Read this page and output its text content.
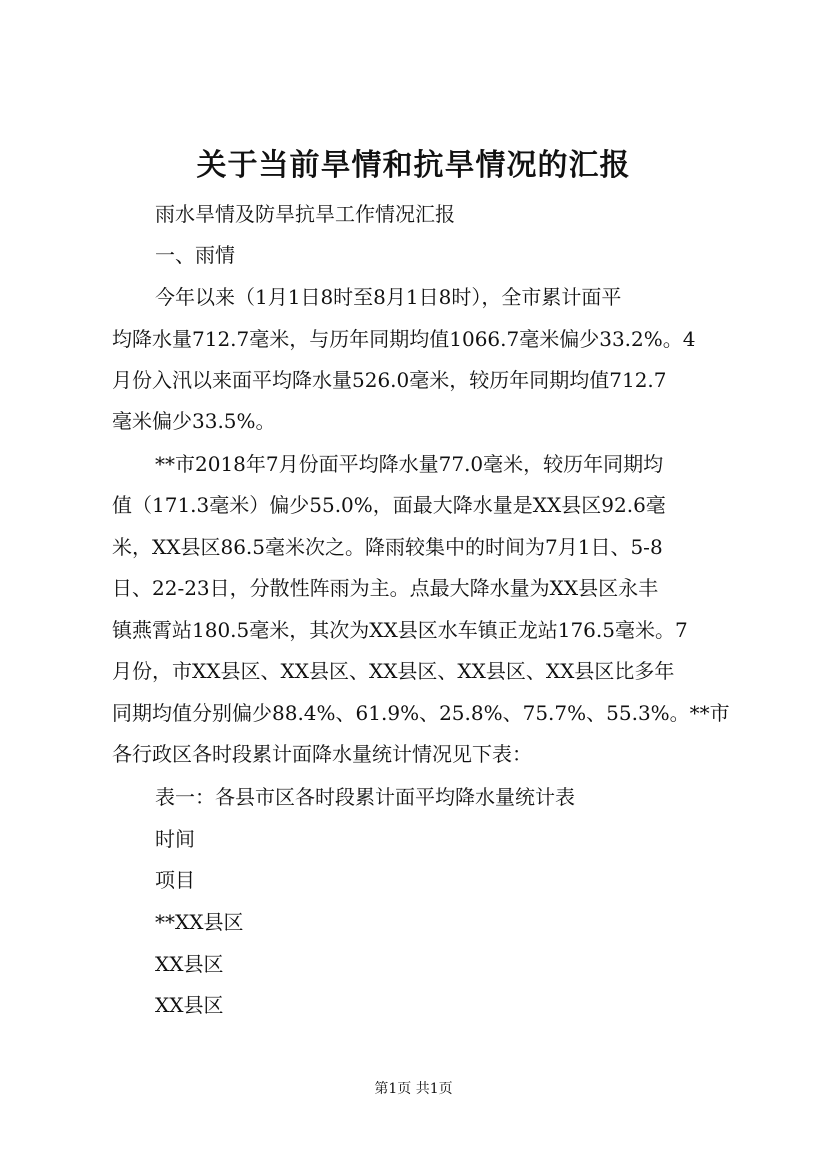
关于当前旱情和抗旱情况的汇报
雨水旱情及防旱抗旱工作情况汇报
一、雨情
今年以来（1月1日8时至8月1日8时），全市累计面平
均降水量712.7毫米，与历年同期均值1066.7毫米偏少33.2%。4
月份入汛以来面平均降水量526.0毫米，较历年同期均值712.7
毫米偏少33.5%。
**市2018年7月份面平均降水量77.0毫米，较历年同期均
值（171.3毫米）偏少55.0%，面最大降水量是XX县区92.6毫
米，XX县区86.5毫米次之。降雨较集中的时间为7月1日、5-8
日、22-23日，分散性阵雨为主。点最大降水量为XX县区永丰
镇燕霄站180.5毫米，其次为XX县区水车镇正龙站176.5毫米。7
月份，市XX县区、XX县区、XX县区、XX县区、XX县区比多年
同期均值分别偏少88.4%、61.9%、25.8%、75.7%、55.3%。**市
各行政区各时段累计面降水量统计情况见下表：
表一：各县市区各时段累计面平均降水量统计表
时间
项目
**XX县区
XX县区
XX县区
第1页 共1页
